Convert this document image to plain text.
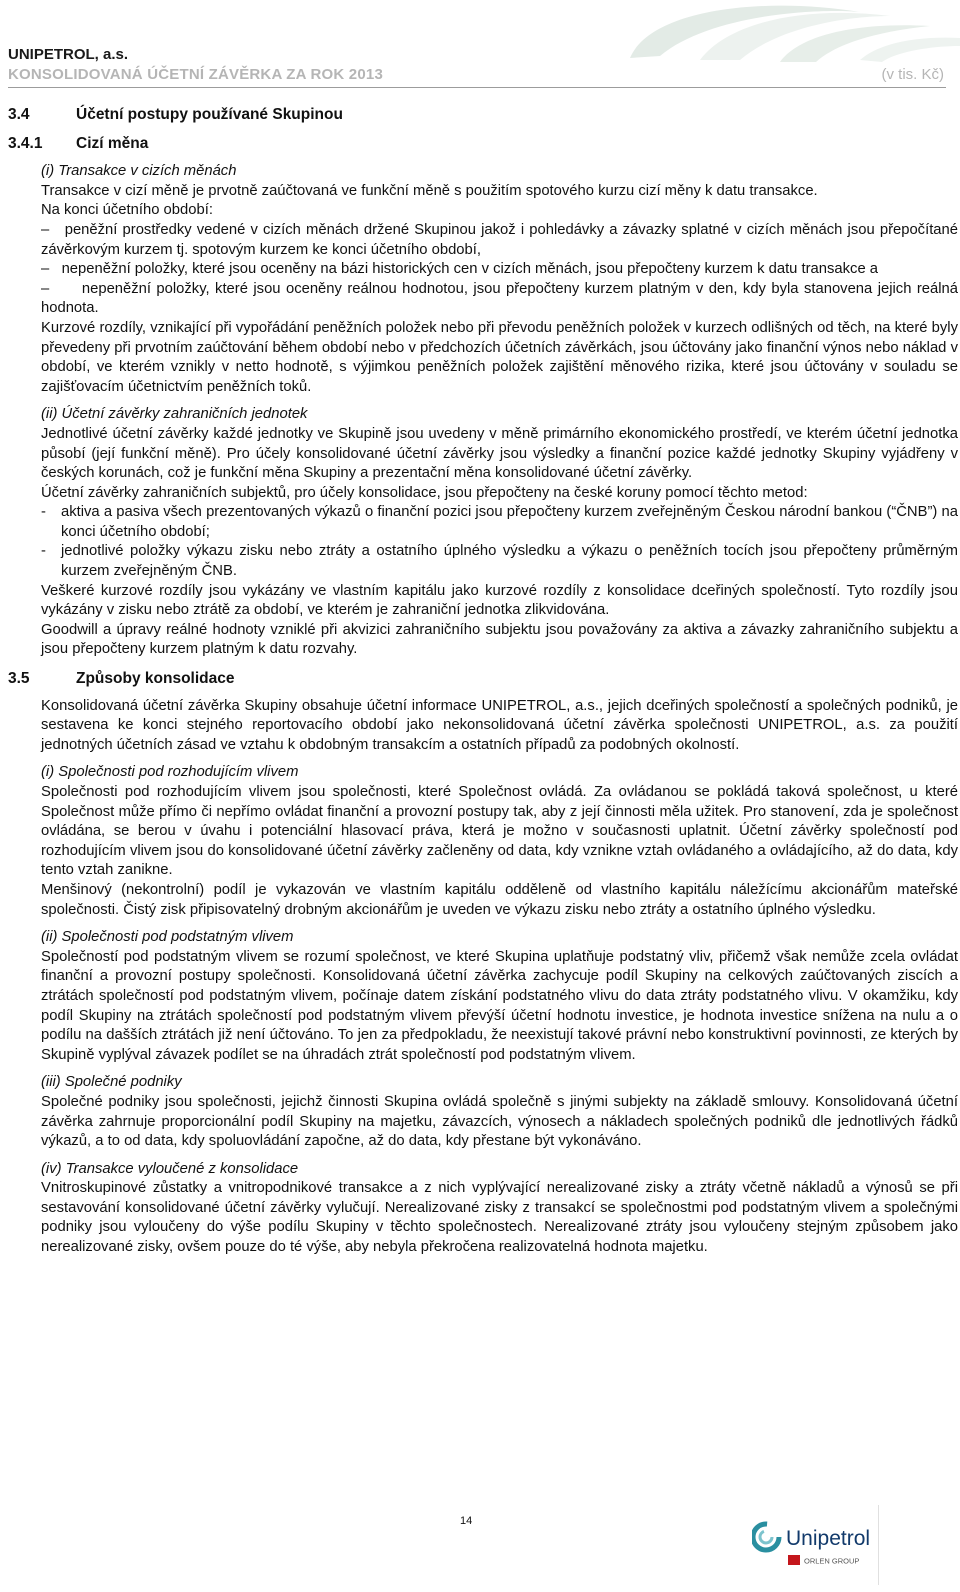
UNIPETROL, a.s.
KONSOLIDOVANÁ ÚČETNÍ ZÁVĚRKA ZA ROK 2013	(v tis. Kč)
3.4	Účetní postupy používané Skupinou
3.4.1 Cizí měna

(i) Transakce v cizích měnách

Transakce v cizí měně je prvotně zaúčtovaná ve funkční měně s použitím spotového kurzu cizí měny k datu transakce.

Na konci účetního období:

–   peněžní prostředky vedené v cizích měnách držené Skupinou jakož i pohledávky a závazky splatné v cizích měnách jsou přepočítané závěrkovým kurzem tj. spotovým kurzem ke konci účetního období,

–   nepeněžní položky, které jsou oceněny na bázi historických cen v cizích měnách, jsou přepočteny kurzem k datu transakce a

–      nepeněžní položky, které jsou oceněny reálnou hodnotou, jsou přepočteny kurzem platným v den, kdy byla stanovena jejich reálná hodnota.

Kurzové rozdíly, vznikající při vypořádání peněžních položek nebo při převodu peněžních položek v kurzech odlišných od těch, na které byly převedeny při prvotním zaúčtování během období nebo v předchozích účetních závěrkách, jsou účtovány jako finanční výnos nebo náklad v období, ve kterém vznikly v netto hodnotě, s výjimkou peněžních položek zajištění měnového rizika, které jsou účtovány v souladu se zajišťovacím účetnictvím peněžních toků.

(ii) Účetní závěrky zahraničních jednotek

Jednotlivé účetní závěrky každé jednotky ve Skupině jsou uvedeny v měně primárního ekonomického prostředí, ve kterém účetní jednotka působí (její funkční měně). Pro účely konsolidované účetní závěrky jsou výsledky a finanční pozice každé jednotky Skupiny vyjádřeny v českých korunách, což je funkční měna Skupiny a prezentační měna konsolidované účetní závěrky.

Účetní závěrky zahraničních subjektů, pro účely konsolidace, jsou přepočteny na české koruny pomocí těchto metod:

- aktiva a pasiva všech prezentovaných výkazů o finanční pozici jsou přepočteny kurzem zveřejněným Českou národní bankou (“ČNB”) na konci účetního období;

- jednotlivé položky výkazu zisku nebo ztráty a ostatního úplného výsledku a výkazu o peněžních tocích jsou přepočteny průměrným kurzem zveřejněným ČNB.

Veškeré kurzové rozdíly jsou vykázány ve vlastním kapitálu jako kurzové rozdíly z konsolidace dceřiných společností. Tyto rozdíly jsou vykázány v zisku nebo ztrátě za období, ve kterém je zahraniční jednotka zlikvidována.

Goodwill a úpravy reálné hodnoty vzniklé při akvizici zahraničního subjektu jsou považovány za aktiva a závazky zahraničního subjektu a jsou přepočteny kurzem platným k datu rozvahy.

3.5	Způsoby konsolidace

Konsolidovaná účetní závěrka Skupiny obsahuje účetní informace UNIPETROL, a.s., jejich dceřiných společností a společných podniků, je sestavena ke konci stejného reportovacího období jako nekonsolidovaná účetní závěrka společnosti UNIPETROL, a.s. za použití jednotných účetních zásad ve vztahu k obdobným transakcím a ostatních případů za podobných okolností.

(i) Společnosti pod rozhodujícím vlivem

Společnosti pod rozhodujícím vlivem jsou společnosti, které Společnost ovládá. Za ovládanou se pokládá taková společnost, u které Společnost může přímo či nepřímo ovládat finanční a provozní postupy tak, aby z její činnosti měla užitek. Pro stanovení, zda je společnost ovládána, se berou v úvahu i potenciální hlasovací práva, která je možno v současnosti uplatnit. Účetní závěrky společností pod rozhodujícím vlivem jsou do konsolidované účetní závěrky začleněny od data, kdy vznikne vztah ovládaného a ovládajícího, až do data, kdy tento vztah zanikne.

Menšinový (nekontrolní) podíl je vykazován ve vlastním kapitálu odděleně od vlastního kapitálu náležícímu akcionářům mateřské společnosti. Čistý zisk připisovatelný drobným akcionářům je uveden ve výkazu zisku nebo ztráty a ostatního úplného výsledku.

(ii) Společnosti pod podstatným vlivem

Společností pod podstatným vlivem se rozumí společnost, ve které Skupina uplatňuje podstatný vliv, přičemž však nemůže zcela ovládat finanční a provozní postupy společnosti. Konsolidovaná účetní závěrka zachycuje podíl Skupiny na celkových zaúčtovaných ziscích a ztrátách společností pod podstatným vlivem, počínaje datem získání podstatného vlivu do data ztráty podstatného vlivu. V okamžiku, kdy podíl Skupiny na ztrátách společností pod podstatným vlivem převýší účetní hodnotu investice, je hodnota investice snížena na nulu a o podílu na dašších ztrátách již není účtováno. To jen za předpokladu, že neexistují takové právní nebo konstruktivní povinnosti, ze kterých by Skupině vyplýval závazek podílet se na úhradách ztrát společností pod podstatným vlivem.

(iii) Společné podniky

Společné podniky jsou společnosti, jejichž činnosti Skupina ovládá společně s jinými subjekty na základě smlouvy. Konsolidovaná účetní závěrka zahrnuje proporcionální podíl Skupiny na majetku, závazcích, výnosech a nákladech společných podniků dle jednotlivých řádků výkazů, a to od data, kdy spoluovládání započne, až do data, kdy přestane být vykonáváno.

(iv) Transakce vyloučené z konsolidace

Vnitroskupinové zůstatky a vnitropodnikové transakce a z nich vyplývající nerealizované zisky a ztráty včetně nákladů a výnosů se při sestavování konsolidované účetní závěrky vylučují. Nerealizované zisky z transakcí se společnostmi pod podstatným vlivem a společnými podniky jsou vyloučeny do výše podílu Skupiny v těchto společnostech. Nerealizované ztráty jsou vyloučeny stejným způsobem jako nerealizované zisky, ovšem pouze do té výše, aby nebyla překročena realizovatelná hodnota majetku.

14
Unipetrol
ORLEN GROUP
